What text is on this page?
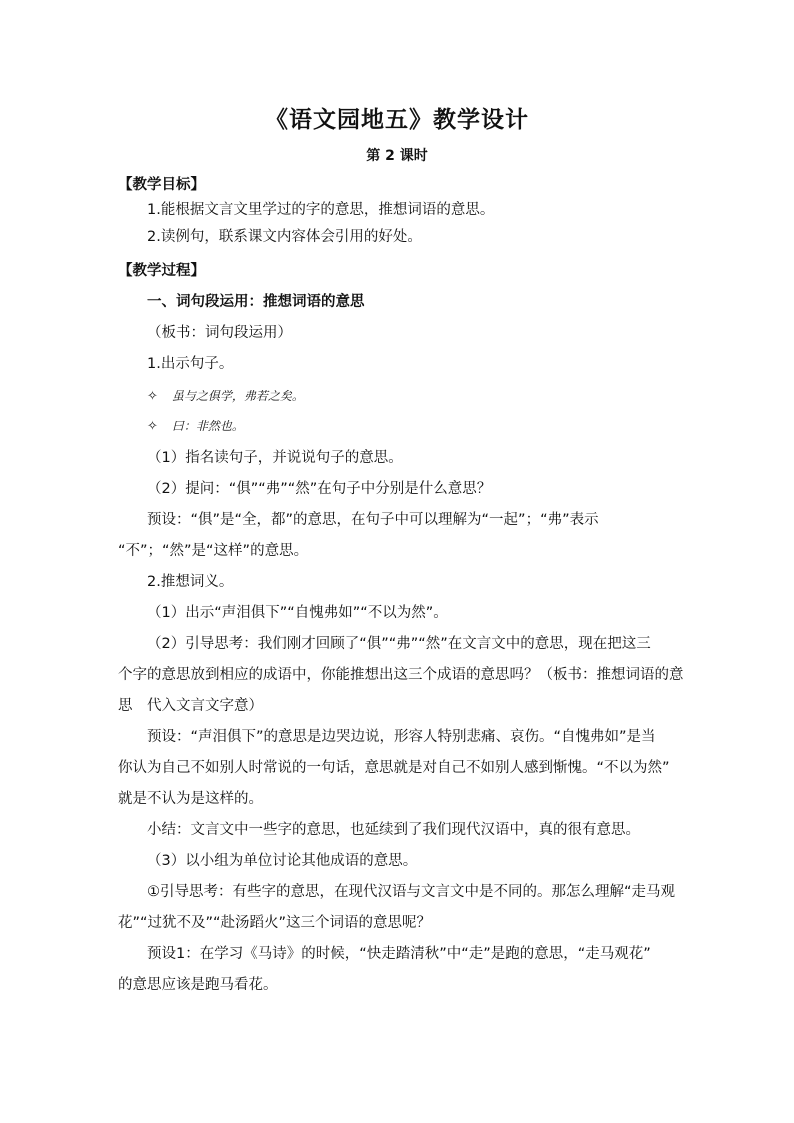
《语文园地五》教学设计
第 2 课时
【教学目标】
1.能根据文言文里学过的字的意思，推想词语的意思。
2.读例句，联系课文内容体会引用的好处。
【教学过程】
一、词句段运用：推想词语的意思
（板书：词句段运用）
1.出示句子。
✧ 虽与之俱学，弗若之矣。
✧ 曰：非然也。
（1）指名读句子，并说说句子的意思。
（2）提问：“俱”“弗”“然”在句子中分别是什么意思？
预设：“俱”是“全，都”的意思，在句子中可以理解为“一起”；“弗”表示
“不”；“然”是“这样”的意思。
2.推想词义。
（1）出示“声泪俱下”“自愧弗如”“不以为然”。
（2）引导思考：我们刚才回顾了“俱”“弗”“然”在文言文中的意思，现在把这三
个字的意思放到相应的成语中，你能推想出这三个成语的意思吗？（板书：推想词语的意
思　代入文言文字意）
预设：“声泪俱下”的意思是边哭边说，形容人特别悲痛、哀伤。“自愧弗如”是当
你认为自己不如别人时常说的一句话，意思就是对自己不如别人感到惭愧。“不以为然”
就是不认为是这样的。
小结：文言文中一些字的意思，也延续到了我们现代汉语中，真的很有意思。
（3）以小组为单位讨论其他成语的意思。
①引导思考：有些字的意思，在现代汉语与文言文中是不同的。那怎么理解“走马观
花”“过犹不及”“赴汤蹈火”这三个词语的意思呢？
预设1：在学习《马诗》的时候，“快走踏清秋”中“走”是跑的意思，“走马观花”
的意思应该是跑马看花。
